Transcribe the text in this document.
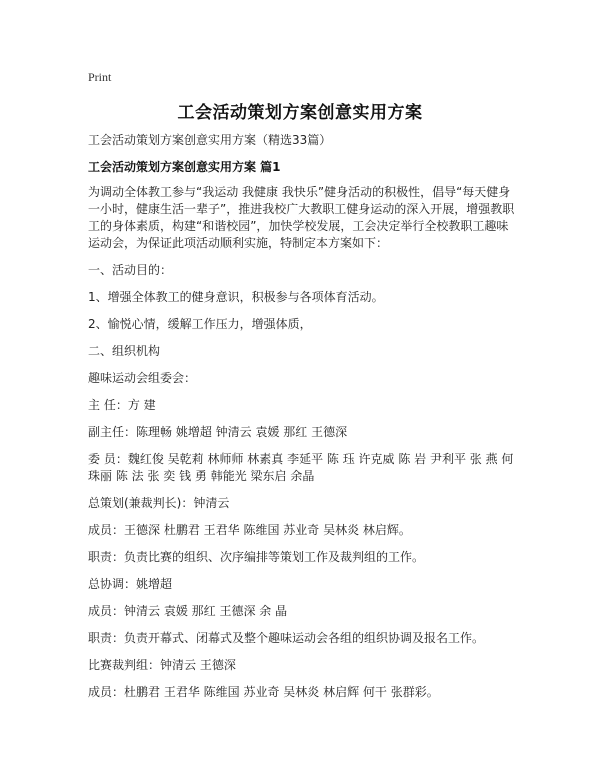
Print
工会活动策划方案创意实用方案

工会活动策划方案创意实用方案（精选33篇）

工会活动策划方案创意实用方案 篇1

为调动全体教工参与“我运动 我健康 我快乐”健身活动的积极性，倡导“每天健身一小时，健康生活一辈子”，推进我校广大教职工健身运动的深入开展，增强教职工的身体素质，构建“和谐校园”，加快学校发展，工会决定举行全校教职工趣味运动会，为保证此项活动顺利实施，特制定本方案如下：

一、活动目的：

1、增强全体教工的健身意识，积极参与各项体育活动。

2、愉悦心情，缓解工作压力，增强体质，

二、组织机构

趣味运动会组委会：

主 任：方 建

副主任：陈理畅 姚增超 钟清云 袁媛 那红 王德深

委 员：魏红俊 吴乾莉 林师师 林素真 李延平 陈 珏 许克威 陈 岩 尹利平 张 燕 何珠丽 陈 法 张 奕 钱 勇 韩能光 梁东启 余晶

总策划(兼裁判长)：钟清云

成员：王德深 杜鹏君 王君华 陈维国 苏业奇 吴林炎 林启辉。

职责：负责比赛的组织、次序编排等策划工作及裁判组的工作。

总协调：姚增超

成员：钟清云 袁媛 那红 王德深 余 晶

职责：负责开幕式、闭幕式及整个趣味运动会各组的组织协调及报名工作。

比赛裁判组：钟清云 王德深

成员：杜鹏君 王君华 陈维国 苏业奇 吴林炎 林启辉 何干 张群彩。
